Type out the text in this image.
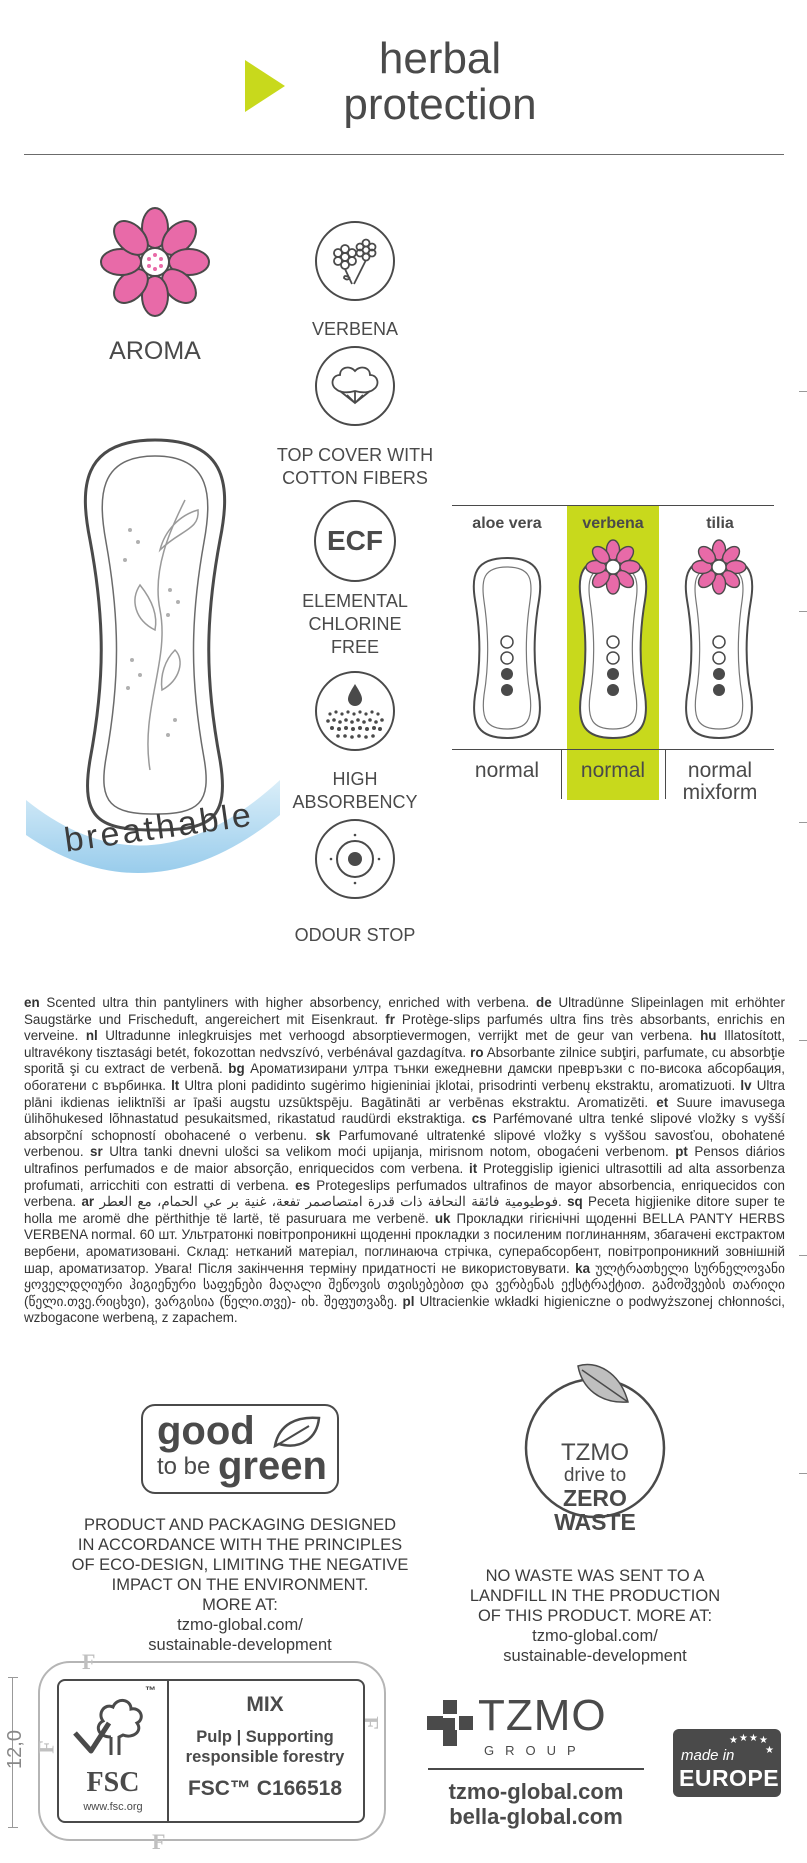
herbal
protection
AROMA
breathable
VERBENA
TOP COVER WITH
COTTON FIBERS
ECF
ELEMENTAL
CHLORINE
FREE
HIGH
ABSORBENCY
ODOUR STOP
aloe vera	verbena	tilia
normal	normal	normal
mixform
en Scented ultra thin pantyliners with higher absorbency, enriched with verbena. de Ultradünne Slipeinlagen mit erhöhter Saugstärke und Frischeduft, angereichert mit Eisenkraut. fr Protège-slips parfumés ultra fins très absorbants, enrichis en verveine. nl Ultradunne inlegkruisjes met verhoogd absorptievermogen, verrijkt met de geur van verbena. hu Illatosított, ultravékony tisztasági betét, fokozottan nedvszívó, verbénával gazdagítva. ro Absorbante zilnice subţiri, parfumate, cu absorbţie sporită şi cu extract de verbenă. bg Ароматизирани ултра тънки ежедневни дамски превръзки с по-висока абсорбация, обогатени с върбинка. lt Ultra ploni padidinto sugėrimo higieniniai įklotai, prisodrinti verbenų ekstraktu, aromatizuoti. lv Ultra plāni ikdienas ieliktnīši ar īpaši augstu uzsūktspēju. Bagātināti ar verbēnas ekstraktu. Aromatizēti. et Suure imavusega ülihõhukesed lõhnastatud pesukaitsmed, rikastatud raudürdi ekstraktiga. cs Parfémované ultra tenké slipové vložky s vyšší absorpční schopností obohacené o verbenu. sk Parfumované ultratenké slipové vložky s vyššou savosťou, obohatené verbenou. sr Ultra tanki dnevni ulošci sa velikom moći upijanja, mirisnom notom, obogaćeni verbenom. pt Pensos diários ultrafinos perfumados e de maior absorção, enriquecidos com verbena. it Proteggislip igienici ultrasottili ad alta assorbenza profumati, arricchiti con estratti di verbena. es Protegeslips perfumados ultrafinos de mayor absorbencia, enriquecidos con verbena. ar فوطيومية فائقة النحافة ذات قدرة امتصاصمر تفعة، غنية بر عي الحمام، مع العطر. sq Peceta higjienike ditore super te holla me aromë dhe përthithje të lartë, të pasuruara me verbenë. uk Прокладки гігієнічні щоденні BELLA PANTY HERBS VERBENA normal. 60 шт. Ультратонкі повітропроникні щоденні прокладки з посиленим поглинанням, збагачені екстрактом вербени, ароматизовані. Склад: нетканий матеріал, поглинаюча стрічка, суперабсорбент, повітропроникний зовнішній шар, ароматизатор. Увага! Після закінчення терміну придатності не використовувати. ka ულტრათხელი სურნელოვანი ყოველდღიური ჰიგიენური საფენები მაღალი შეწოვის თვისებებით და ვერბენას ექსტრაქტით. გამოშვების თარიღი (წელი.თვე.რიცხვი), ვარგისია (წელი.თვე)- იხ. შეფუთვაზე. pl Ultracienkie wkładki higieniczne o podwyższonej chłonności, wzbogacone werbeną, z zapachem.
good
to be green
PRODUCT AND PACKAGING DESIGNED
IN ACCORDANCE WITH THE PRINCIPLES
OF ECO-DESIGN, LIMITING THE NEGATIVE
IMPACT ON THE ENVIRONMENT.
MORE AT:
tzmo-global.com/
sustainable-development
TZMO
drive to
ZERO
WASTE
NO WASTE WAS SENT TO A
LANDFILL IN THE PRODUCTION
OF THIS PRODUCT. MORE AT:
tzmo-global.com/
sustainable-development
12,0
F
F
F
F
™
FSC
www.fsc.org
MIX
Pulp | Supporting
responsible forestry
FSC™ C166518
TZMO
GROUP
tzmo-global.com
bella-global.com
★ ★ ★ ★
★
made in
EUROPE
